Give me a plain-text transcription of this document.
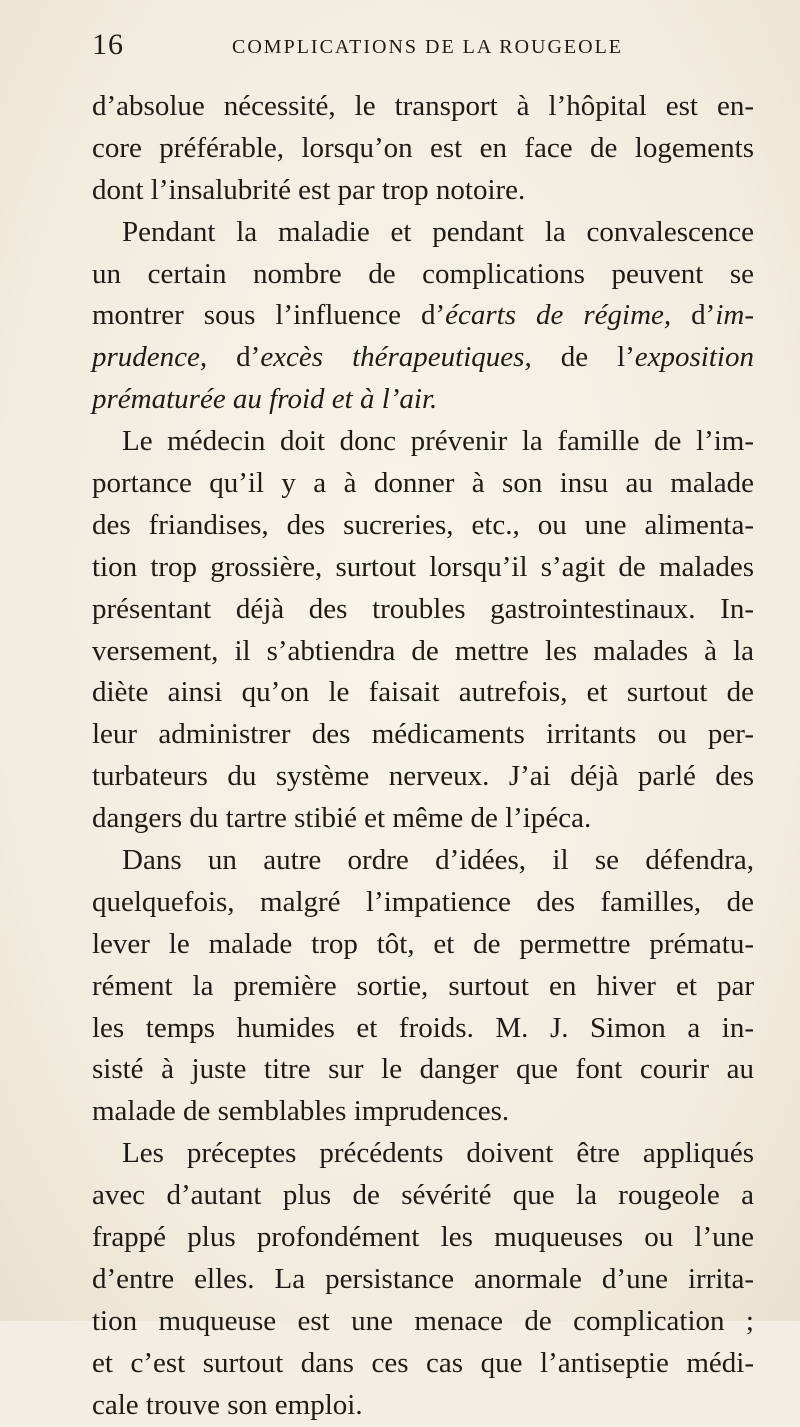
16	COMPLICATIONS DE LA ROUGEOLE
d’absolue nécessité, le transport à l’hôpital est en-
core préférable, lorsqu’on est en face de logements
dont l’insalubrité est par trop notoire.
Pendant la maladie et pendant la convalescence
un certain nombre de complications peuvent se
montrer sous l’influence d’écarts de régime, d’im-
prudence, d’excès thérapeutiques, de l’exposition
prématurée au froid et à l’air.
Le médecin doit donc prévenir la famille de l’im-
portance qu’il y a à donner à son insu au malade
des friandises, des sucreries, etc., ou une alimenta-
tion trop grossière, surtout lorsqu’il s’agit de malades
présentant déjà des troubles gastrointestinaux. In-
versement, il s’abtiendra de mettre les malades à la
diète ainsi qu’on le faisait autrefois, et surtout de
leur administrer des médicaments irritants ou per-
turbateurs du système nerveux. J’ai déjà parlé des
dangers du tartre stibié et même de l’ipéca.
Dans un autre ordre d’idées, il se défendra,
quelquefois, malgré l’impatience des familles, de
lever le malade trop tôt, et de permettre prématu-
rément la première sortie, surtout en hiver et par
les temps humides et froids. M. J. Simon a in-
sisté à juste titre sur le danger que font courir au
malade de semblables imprudences.
Les préceptes précédents doivent être appliqués
avec d’autant plus de sévérité que la rougeole a
frappé plus profondément les muqueuses ou l’une
d’entre elles. La persistance anormale d’une irrita-
tion muqueuse est une menace de complication ;
et c’est surtout dans ces cas que l’antiseptie médi-
cale trouve son emploi.
